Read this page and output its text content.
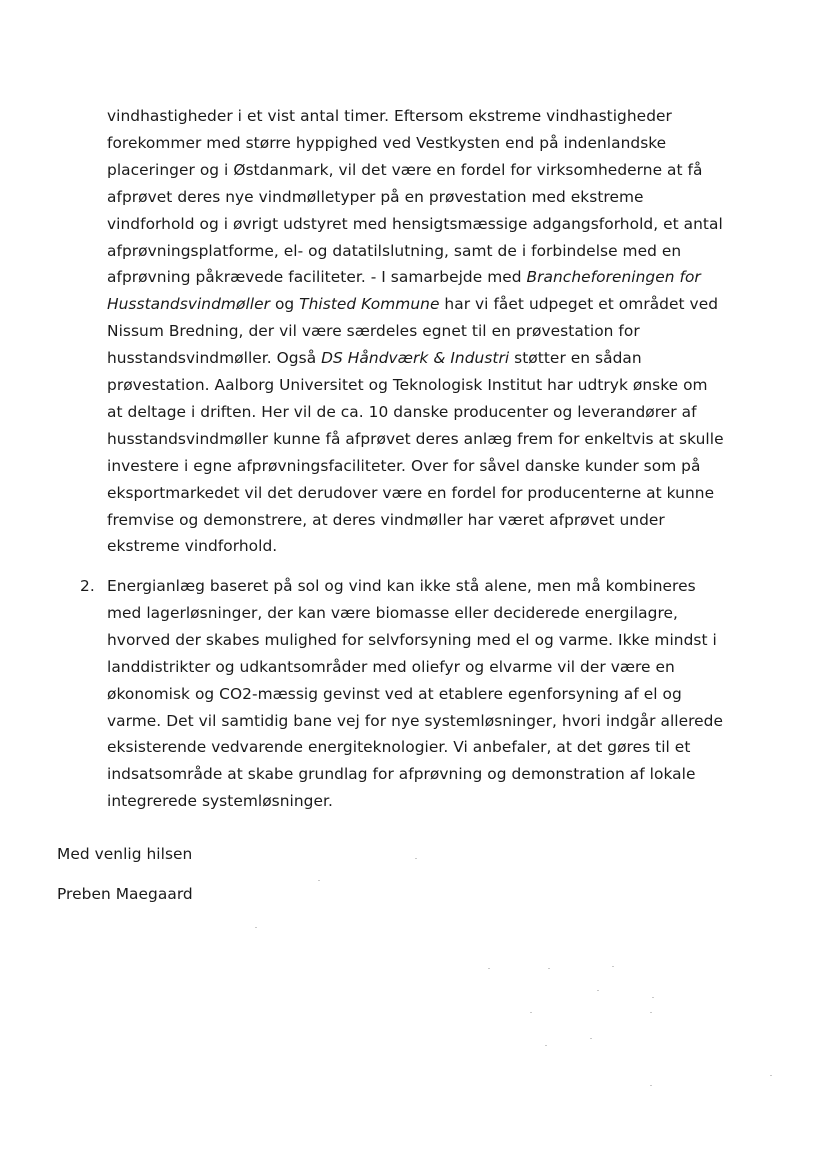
vindhastigheder i et vist antal timer. Eftersom ekstreme vindhastigheder
forekommer med større hyppighed ved Vestkysten end på indenlandske
placeringer og i Østdanmark, vil det være en fordel for virksomhederne at få
afprøvet deres nye vindmølletyper på en prøvestation med ekstreme
vindforhold og i øvrigt udstyret med hensigtsmæssige adgangsforhold, et antal
afprøvningsplatforme, el- og datatilslutning, samt de i forbindelse med en
afprøvning påkrævede faciliteter. - I samarbejde med Brancheforeningen for
Husstandsvindmøller og Thisted Kommune har vi fået udpeget et området ved
Nissum Bredning, der vil være særdeles egnet til en prøvestation for
husstandsvindmøller. Også DS Håndværk & Industri støtter en sådan
prøvestation. Aalborg Universitet og Teknologisk Institut har udtryk ønske om
at deltage i driften. Her vil de ca. 10 danske producenter og leverandører af
husstandsvindmøller kunne få afprøvet deres anlæg frem for enkeltvis at skulle
investere i egne afprøvningsfaciliteter. Over for såvel danske kunder som på
eksportmarkedet vil det derudover være en fordel for producenterne at kunne
fremvise og demonstrere, at deres vindmøller har været afprøvet under
ekstreme vindforhold.
2. Energianlæg baseret på sol og vind kan ikke stå alene, men må kombineres
med lagerløsninger, der kan være biomasse eller deciderede energilagre,
hvorved der skabes mulighed for selvforsyning med el og varme. Ikke mindst i
landdistrikter og udkantsområder med oliefyr og elvarme vil der være en
økonomisk og CO2-mæssig gevinst ved at etablere egenforsyning af el og
varme. Det vil samtidig bane vej for nye systemløsninger, hvori indgår allerede
eksisterende vedvarende energiteknologier. Vi anbefaler, at det gøres til et
indsatsområde at skabe grundlag for afprøvning og demonstration af lokale
integrerede systemløsninger.
Med venlig hilsen
Preben Maegaard
